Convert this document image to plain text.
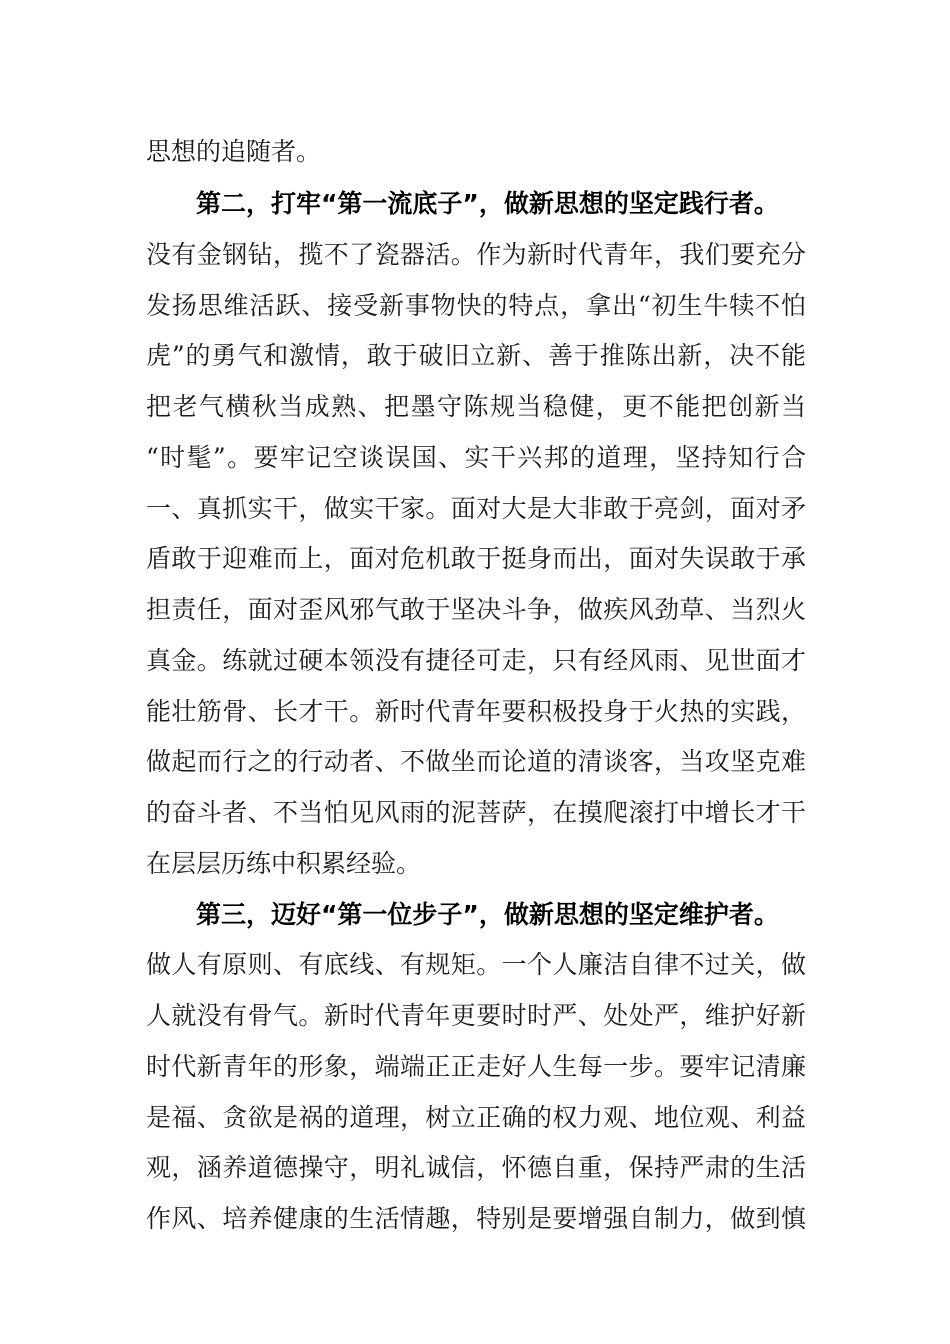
思想的追随者。
第二，打牢“第一流底子”，做新思想的坚定践行者。
没有金钢钻，揽不了瓷器活。作为新时代青年，我们要充分
发扬思维活跃、接受新事物快的特点，拿出“初生牛犊不怕
虎”的勇气和激情，敢于破旧立新、善于推陈出新，决不能
把老气横秋当成熟、把墨守陈规当稳健，更不能把创新当
“时髦”。要牢记空谈误国、实干兴邦的道理，坚持知行合
一、真抓实干，做实干家。面对大是大非敢于亮剑，面对矛
盾敢于迎难而上，面对危机敢于挺身而出，面对失误敢于承
担责任，面对歪风邪气敢于坚决斗争，做疾风劲草、当烈火
真金。练就过硬本领没有捷径可走，只有经风雨、见世面才
能壮筋骨、长才干。新时代青年要积极投身于火热的实践，
做起而行之的行动者、不做坐而论道的清谈客，当攻坚克难
的奋斗者、不当怕见风雨的泥菩萨，在摸爬滚打中增长才干
在层层历练中积累经验。
第三，迈好“第一位步子”，做新思想的坚定维护者。
做人有原则、有底线、有规矩。一个人廉洁自律不过关，做
人就没有骨气。新时代青年更要时时严、处处严，维护好新
时代新青年的形象，端端正正走好人生每一步。要牢记清廉
是福、贪欲是祸的道理，树立正确的权力观、地位观、利益
观，涵养道德操守，明礼诚信，怀德自重，保持严肃的生活
作风、培养健康的生活情趣，特别是要增强自制力，做到慎
